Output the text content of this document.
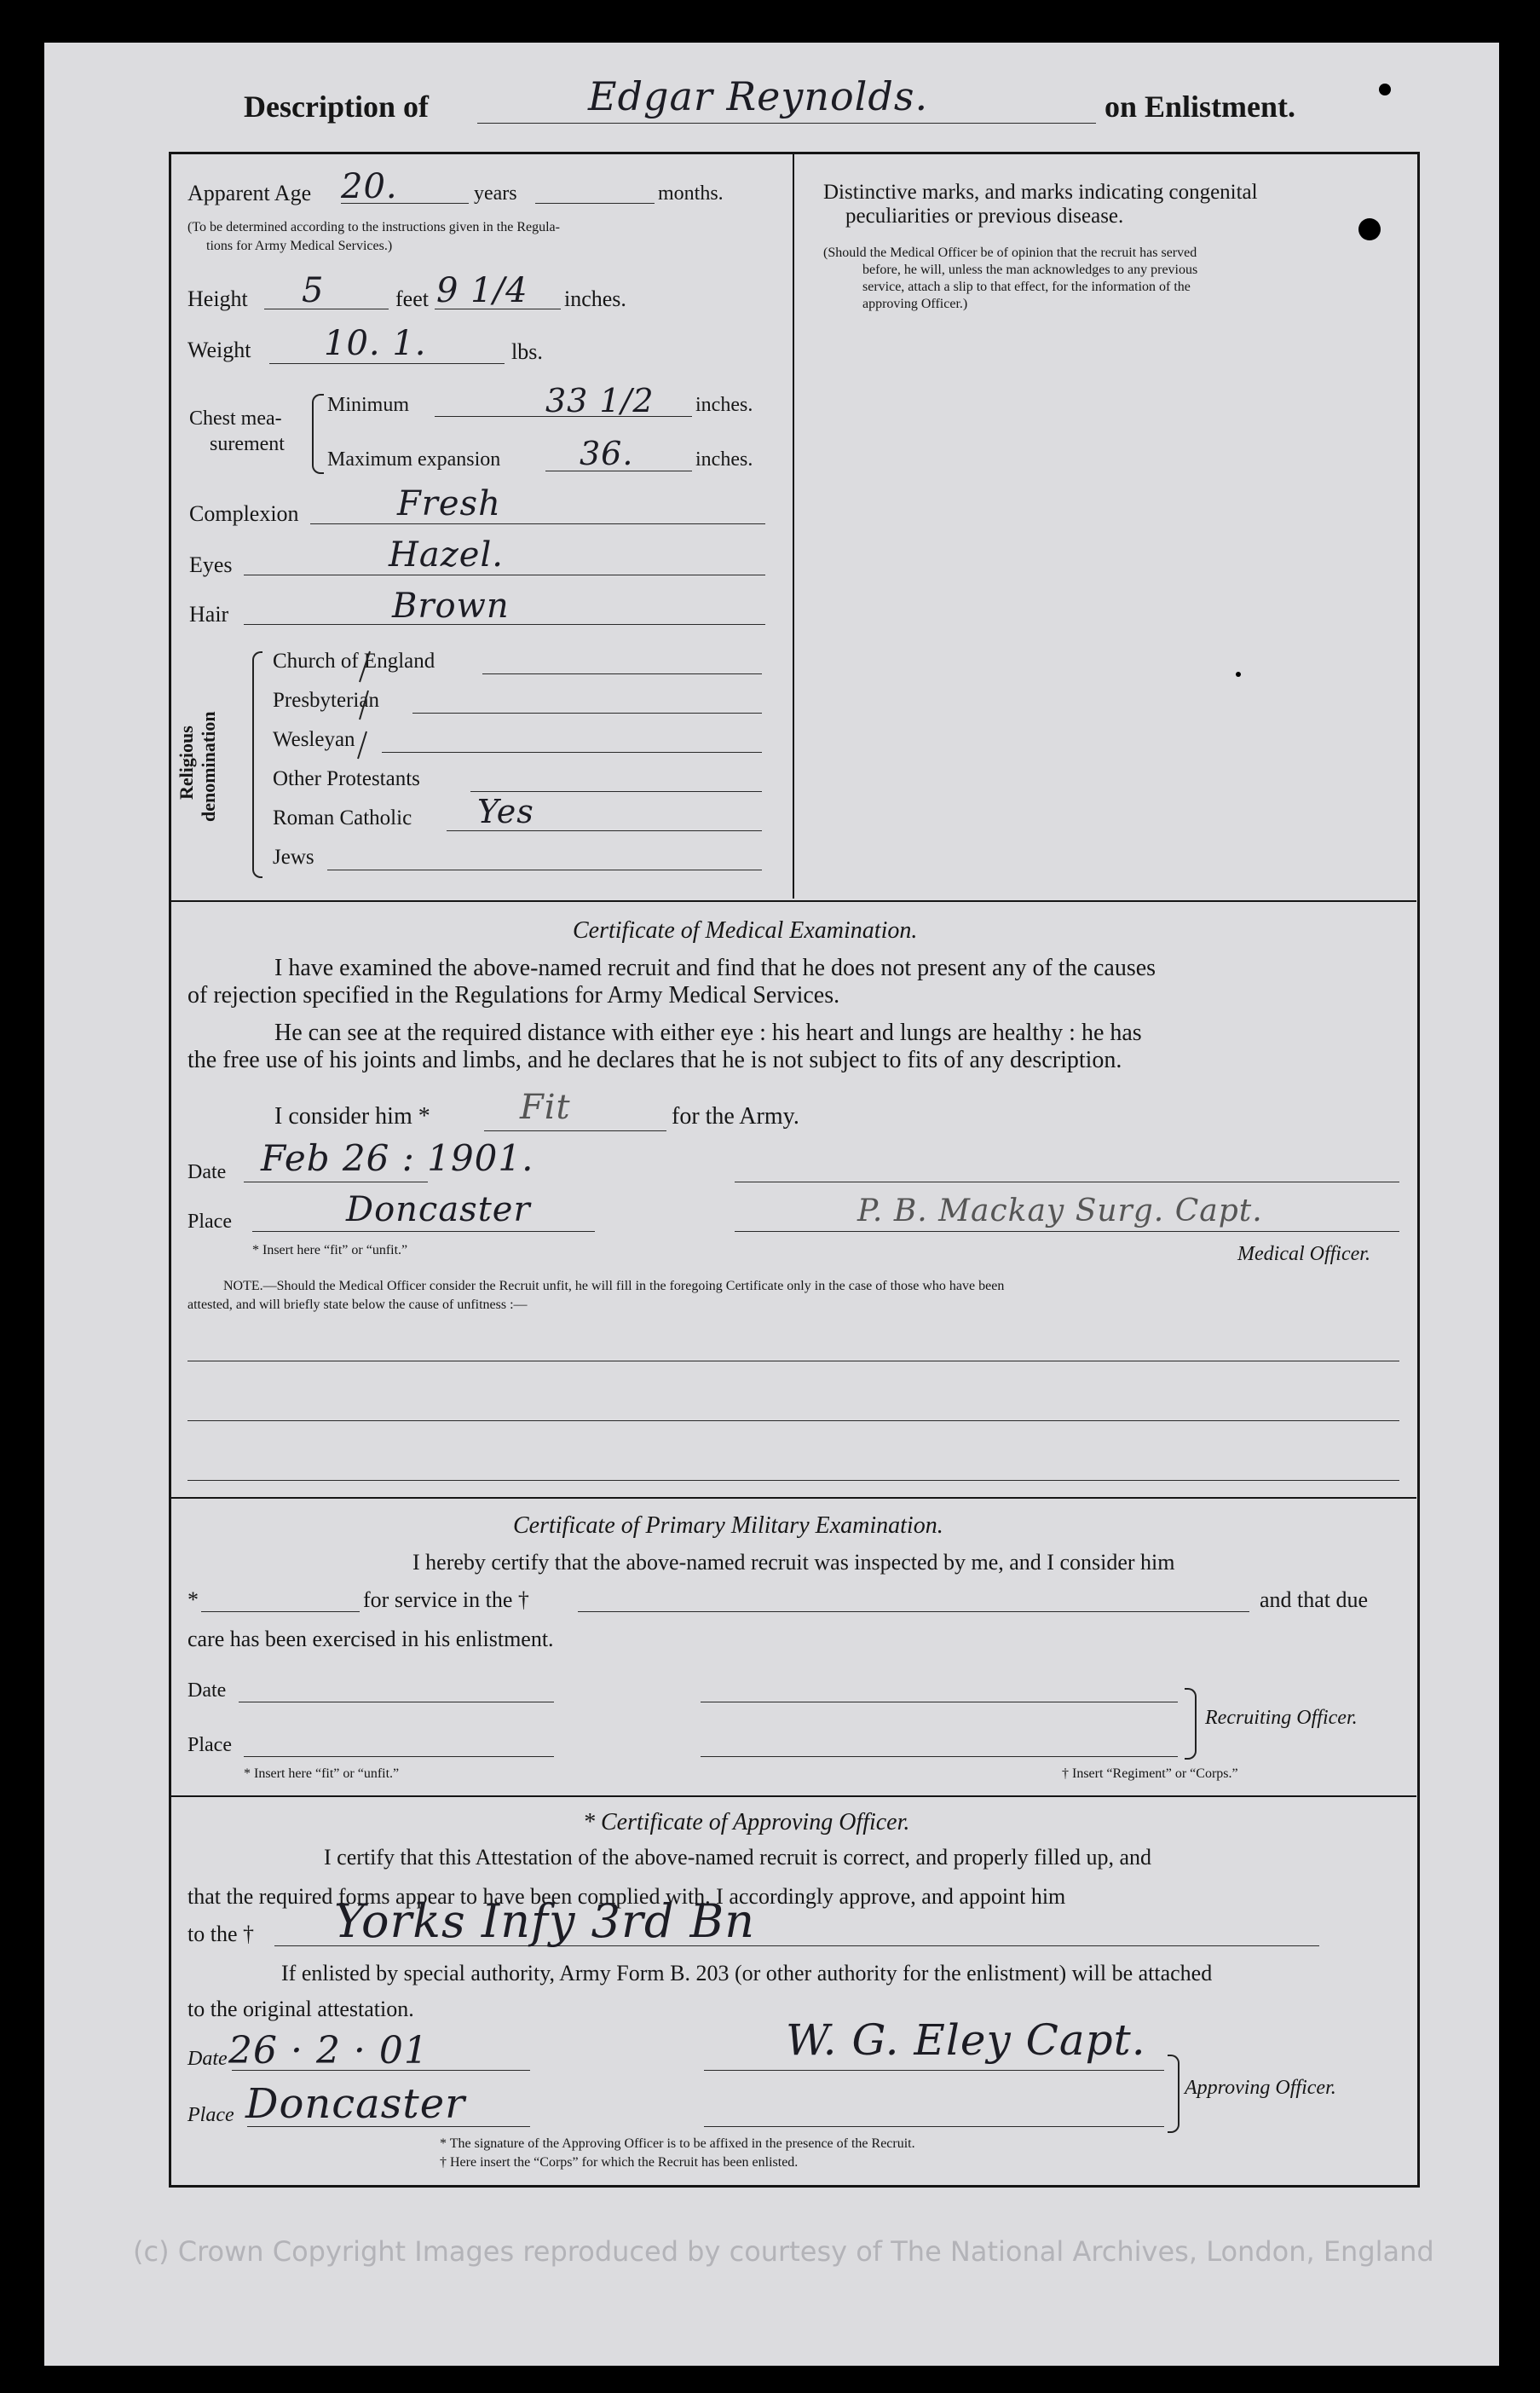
Description of	Edgar Reynolds.	on Enlistment.
Apparent Age 20.	years	months.
(To be determined according to the instructions given in the Regula-
tions for Army Medical Services.)
Height 5	feet 9 1/4 inches.
Weight 10. 1.	lbs.
Chest mea-
surement
Minimum	33 1/2 inches.
Maximum expansion 36.	inches.
Complexion	Fresh
Eyes	Hazel.
Hair	Brown
Religious denomination
Church of England
Presbyterian
Wesleyan
Other Protestants
Roman Catholic Yes
Jews
Distinctive marks, and marks indicating congenital
peculiarities or previous disease.
(Should the Medical Officer be of opinion that the recruit has served
before, he will, unless the man acknowledges to any previous
service, attach a slip to that effect, for the information of the
approving Officer.)
Certificate of Medical Examination.
I have examined the above-named recruit and find that he does not present any of the causes
of rejection specified in the Regulations for Army Medical Services.
He can see at the required distance with either eye : his heart and lungs are healthy : he has
the free use of his joints and limbs, and he declares that he is not subject to fits of any description.
I consider him *	Fit	for the Army.
Date Feb 26 : 1901.
Place	Doncaster
* Insert here “fit” or “unfit.”
P. B. Mackay Surg. Capt.
Medical Officer.
NOTE.—Should the Medical Officer consider the Recruit unfit, he will fill in the foregoing Certificate only in the case of those who have been
attested, and will briefly state below the cause of unfitness :—
Certificate of Primary Military Examination.
I hereby certify that the above-named recruit was inspected by me, and I consider him
*	for service in the †	and that due
care has been exercised in his enlistment.
Date
Place
Recruiting Officer.
* Insert here “fit” or “unfit.”	† Insert “Regiment” or “Corps.”
* Certificate of Approving Officer.
I certify that this Attestation of the above-named recruit is correct, and properly filled up, and
that the required forms appear to have been complied with. I accordingly approve, and appoint him
to the † Yorks Infy 3rd Bn
If enlisted by special authority, Army Form B. 203 (or other authority for the enlistment) will be attached
to the original attestation.
Date 26 · 2 · 01
Place Doncaster
W. G. Eley Capt.
Approving Officer.
* The signature of the Approving Officer is to be affixed in the presence of the Recruit.
† Here insert the “Corps” for which the Recruit has been enlisted.
(c) Crown Copyright Images reproduced by courtesy of The National Archives, London, England
